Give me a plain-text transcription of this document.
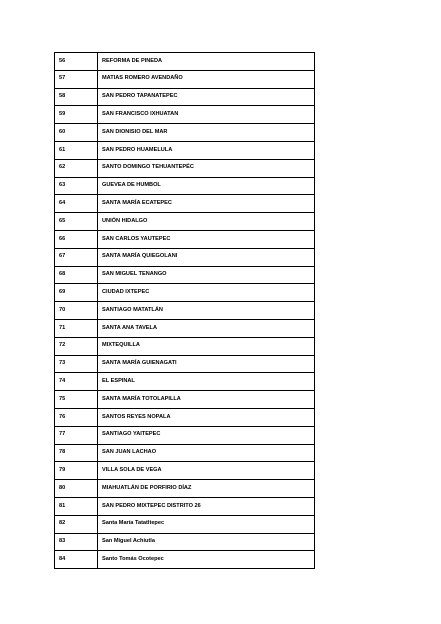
56	REFORMA DE PINEDA
57	MATIAS ROMERO AVENDAÑO
58	SAN PEDRO TAPANATEPEC
59	SAN FRANCISCO IXHUATAN
60	SAN DIONISIO DEL MAR
61	SAN PEDRO HUAMELULA
62	SANTO DOMINGO TEHUANTEPÉC
63	GUEVEA DE HUMBOL
64	SANTA MARÍA ECATEPEC
65	UNIÓN HIDALGO
66	SAN CARLOS YAUTEPEC
67	SANTA MARÍA QUIEGOLANI
68	SAN MIGUEL TENANGO
69	CIUDAD IXTEPEC
70	SANTIAGO MATATLÁN
71	SANTA ANA TAVELA
72	MIXTEQUILLA
73	SANTA MARÍA GUIENAGATI
74	EL ESPINAL
75	SANTA MARÍA TOTOLAPILLA
76	SANTOS REYES NOPALA
77	SANTIAGO YAITEPEC
78	SAN JUAN LACHAO
79	VILLA SOLA DE VEGA
80	MIAHUATLÁN DE PORFIRIO DÍAZ
81	SAN PEDRO MIXTEPEC DISTRITO 26
82	Santa María Tatatltepec
83	San Miguel Achiutla
84	Santo Tomás Ocotepec
